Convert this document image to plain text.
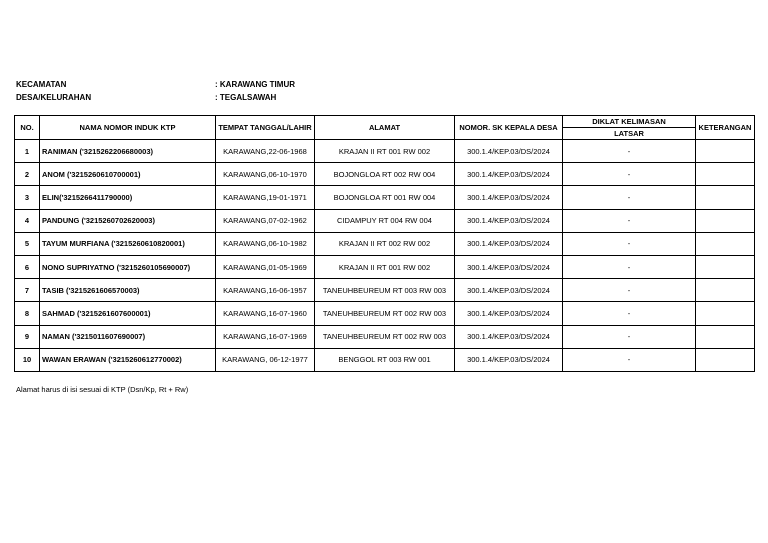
KECAMATAN	: KARAWANG TIMUR
DESA/KELURAHAN	: TEGALSAWAH
NO.	NAMA NOMOR INDUK KTP	TEMPAT TANGGAL/LAHIR	ALAMAT	NOMOR. SK KEPALA DESA	DIKLAT KELIMASAN	KETERANGAN
					LATSAR	
1	RANIMAN ('3215262206680003)	KARAWANG,22-06-1968	KRAJAN II RT 001 RW 002	300.1.4/KEP.03/DS/2024	-	
2	ANOM ('3215260610700001)	KARAWANG,06-10-1970	BOJONGLOA RT 002 RW 004	300.1.4/KEP.03/DS/2024	-	
3	ELIN('3215266411790000)	KARAWANG,19-01-1971	BOJONGLOA RT 001 RW 004	300.1.4/KEP.03/DS/2024	-	
4	PANDUNG ('3215260702620003)	KARAWANG,07-02-1962	CIDAMPUY RT 004 RW 004	300.1.4/KEP.03/DS/2024	-	
5	TAYUM MURFIANA ('3215260610820001)	KARAWANG,06-10-1982	KRAJAN II RT 002 RW 002	300.1.4/KEP.03/DS/2024	-	
6	NONO SUPRIYATNO ('3215260105690007)	KARAWANG,01-05-1969	KRAJAN II RT 001 RW 002	300.1.4/KEP.03/DS/2024	-	
7	TASIB ('3215261606570003)	KARAWANG,16-06-1957	TANEUHBEUREUM RT 003 RW 003	300.1.4/KEP.03/DS/2024	-	
8	SAHMAD ('3215261607600001)	KARAWANG,16-07-1960	TANEUHBEUREUM RT 002 RW 003	300.1.4/KEP.03/DS/2024	-	
9	NAMAN ('3215011607690007)	KARAWANG,16-07-1969	TANEUHBEUREUM RT 002 RW 003	300.1.4/KEP.03/DS/2024	-	
10	WAWAN ERAWAN ('3215260612770002)	KARAWANG, 06-12-1977	BENGGOL RT 003 RW 001	300.1.4/KEP.03/DS/2024	-	
Alamat harus di isi sesuai di KTP (Dsn/Kp, Rt + Rw)
